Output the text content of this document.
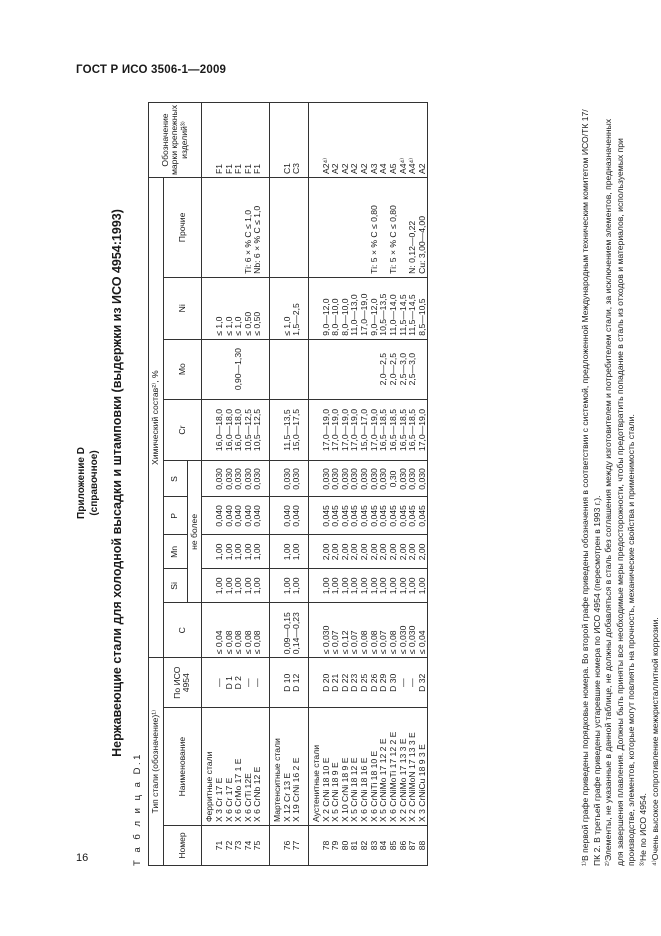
ГОСТ Р ИСО 3506-1—2009
16
Приложение D (справочное) Нержавеющие стали для холодной высадки и штамповки (выдержки из ИСО 4954:1993)
Т а б л и ц а D.1 Тип стали (обозначение)¹⁾			Химический состав²⁾, %									Обозначение марки крепежных изделий³⁾
Номер	Наименование	По ИСО 4954	C	Si	Mn	P	S	Cr	Mo	Ni	Прочие	
				не более								
	Ферритные стали											
71	X 3 Cr 17 E	—	≤ 0,04	1,00	1,00	0,040	0,030	16,0—18,0		≤ 1,0		F1
72	X 6 Cr 17 E	D 1	≤ 0,08	1,00	1,00	0,040	0,030	16,0—18,0		≤ 1,0		F1
73	X 6 CrMo 17 1 E	D 2	≤ 0,08	1,00	1,00	0,040	0,030	16,0—18,0	0,90—1,30	≤ 1,0		F1
74	X 6 CrTi 12E	—	≤ 0,08	1,00	1,00	0,040	0,030	10,5—12,5		≤ 0,50	Ti: 6 × % C ≤ 1,0	F1
75	X 6 CrNb 12 E	—	≤ 0,08	1,00	1,00	0,040	0,030	10,5—12,5		≤ 0,50	Nb: 6 × % C ≤ 1,0	F1

	Мартенситные стали											
76	X 12 Cr 13 E	D 10	0,09—0,15	1,00	1,00	0,040	0,030	11,5—13,5		≤ 1,0		C1
77	X 19 CrNi 16 2 E	D 12	0,14—0,23	1,00	1,00	0,040	0,030	15,0—17,5		1,5—2,5		C3

	Аустенитные стали											
78	X 2 CrNi 18 10 E	D 20	≤ 0,030	1,00	2,00	0,045	0,030	17,0—19,0		9,0—12,0		A2⁴⁾
79	X 5 CrNi 18 9 E	D 21	≤ 0,07	1,00	2,00	0,045	0,030	17,0—19,0		8,0—10,0		A2
80	X 10 CrNi 18 9 E	D 22	≤ 0,12	1,00	2,00	0,045	0,030	17,0—19,0		8,0—10,0		A2
81	X 5 CrNi 18 12 E	D 23	≤ 0,07	1,00	2,00	0,045	0,030	17,0—19,0		11,0—13,0		A2
82	X 6 CrNi 18 16 E	D 25	≤ 0,08	1,00	2,00	0,045	0,030	15,0—17,0		17,0—19,0		A2
83	X 6 CrNiTi 18 10 E	D 26	≤ 0,08	1,00	2,00	0,045	0,030	17,0—19,0		9,0—12,0	Ti: 5 × % C ≤ 0,80	A3
84	X 5 CrNiMo 17 12 2 E	D 29	≤ 0,07	1,00	2,00	0,045	0,030	16,5—18,5	2,0—2,5	10,5—13,5		A4
85	X 6 CrNiMoTi 17 12 2 E	D 30	≤ 0,08	1,00	2,00	0,045	0,30	16,5—18,5	2,0—2,5	11,0—14,0	Ti: 5 × % C ≤ 0,80	A5
86	X 2 CrNiMo 17 13 3 E	—	≤ 0,030	1,00	2,00	0,045	0,030	16,5—18,5	2,5—3,0	11,5—14,5		A4⁴⁾
87	X 2 CrNiMoN 17 13 3 E	—	≤ 0,030	1,00	2,00	0,045	0,030	16,5—18,5	2,5—3,0	11,5—14,5	N: 0,12—0,22	A4⁴⁾
88	X 3 CrNiCu 18 9 3 E	D 32	≤ 0,04	1,00	2,00	0,045	0,030	17,0—19,0		8,5—10,5	Cu: 3,00—4,00	A2	¹⁾В первой графе приведены порядковые номера. Во второй графе приведены обозначения в соответствии с системой, предложенной Международным техническим комитетом ИСО/ТК 17/ПК 2. В третьей графе приведены устаревшие номера по ИСО 4954 (пересмотрен в 1993 г.). ²⁾Элементы, не указанные в данной таблице, не должны добавляться в сталь без соглашения между изготовителем и потребителем стали, за исключением элементов, предназначенных для завершения плавления. Должны быть приняты все необходимые меры предосторожности, чтобы предотвратить попадание в сталь из отходов и материалов, используемых при производстве, элементов, которые могут повлиять на прочность, механические свойства и применимость стали. ³⁾Не по ИСО 4954. ⁴⁾Очень высокое сопротивление межкристаллитной коррозии.
